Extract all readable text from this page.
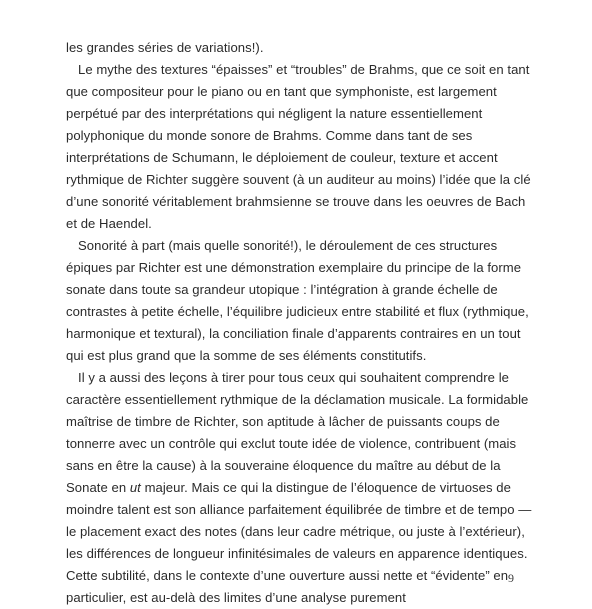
les grandes séries de variations!).

Le mythe des textures “épaisses” et “troubles” de Brahms, que ce soit en tant que compositeur pour le piano ou en tant que symphoniste, est largement perpétué par des interprétations qui négligent la nature essentiellement polyphonique du monde sonore de Brahms. Comme dans tant de ses interprétations de Schumann, le déploiement de couleur, texture et accent rythmique de Richter suggère souvent (à un auditeur au moins) l’idée que la clé d’une sonorité véritablement brahmsienne se trouve dans les oeuvres de Bach et de Haendel.

Sonorité à part (mais quelle sonorité!), le déroulement de ces structures épiques par Richter est une démonstration exemplaire du principe de la forme sonate dans toute sa grandeur utopique : l’intégration à grande échelle de contrastes à petite échelle, l’équilibre judicieux entre stabilité et flux (rythmique, harmonique et textural), la conciliation finale d’apparents contraires en un tout qui est plus grand que la somme de ses éléments constitutifs.

Il y a aussi des leçons à tirer pour tous ceux qui souhaitent comprendre le caractère essentiellement rythmique de la déclamation musicale. La formidable maîtrise de timbre de Richter, son aptitude à lâcher de puissants coups de tonnerre avec un contrôle qui exclut toute idée de violence, contribuent (mais sans en être la cause) à la souveraine éloquence du maître au début de la Sonate en ut majeur. Mais ce qui la distingue de l’éloquence de virtuoses de moindre talent est son alliance parfaitement équilibrée de timbre et de tempo — le placement exact des notes (dans leur cadre métrique, ou juste à l’extérieur), les différences de longueur infinitésimales de valeurs en apparence identiques. Cette subtilité, dans le contexte d’une ouverture aussi nette et “évidente” en particulier, est au-delà des limites d’une analyse purement

9
